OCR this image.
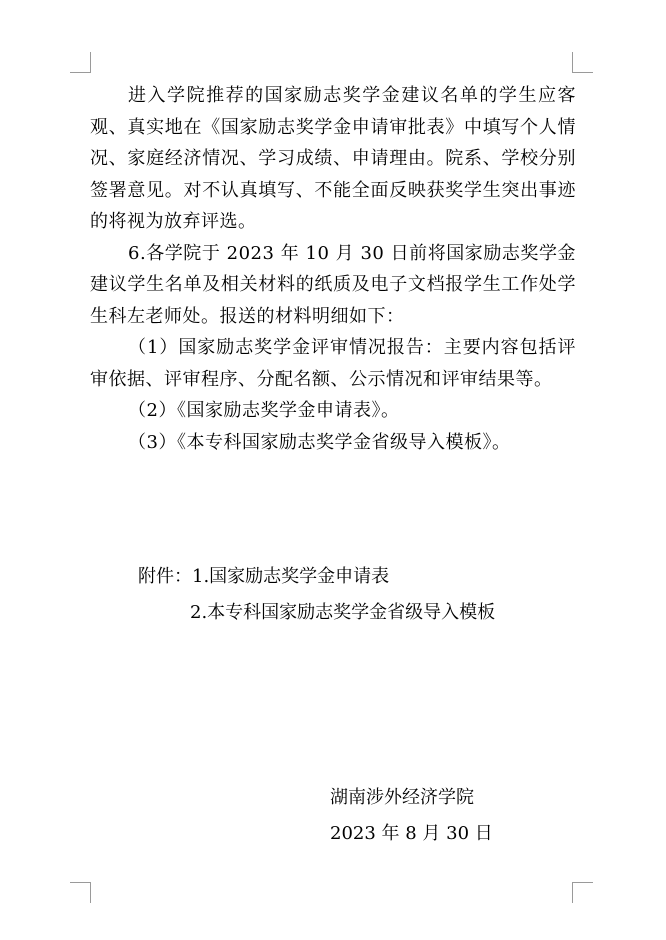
进入学院推荐的国家励志奖学金建议名单的学生应客观、真实地在《国家励志奖学金申请审批表》中填写个人情况、家庭经济情况、学习成绩、申请理由。院系、学校分别签署意见。对不认真填写、不能全面反映获奖学生突出事迹的将视为放弃评选。

6.各学院于 2023 年 10 月 30 日前将国家励志奖学金建议学生名单及相关材料的纸质及电子文档报学生工作处学生科左老师处。报送的材料明细如下：

（1）国家励志奖学金评审情况报告：主要内容包括评审依据、评审程序、分配名额、公示情况和评审结果等。

（2）《国家励志奖学金申请表》。

（3）《本专科国家励志奖学金省级导入模板》。

附件：1.国家励志奖学金申请表
2.本专科国家励志奖学金省级导入模板
湖南涉外经济学院
2023 年 8 月 30 日
